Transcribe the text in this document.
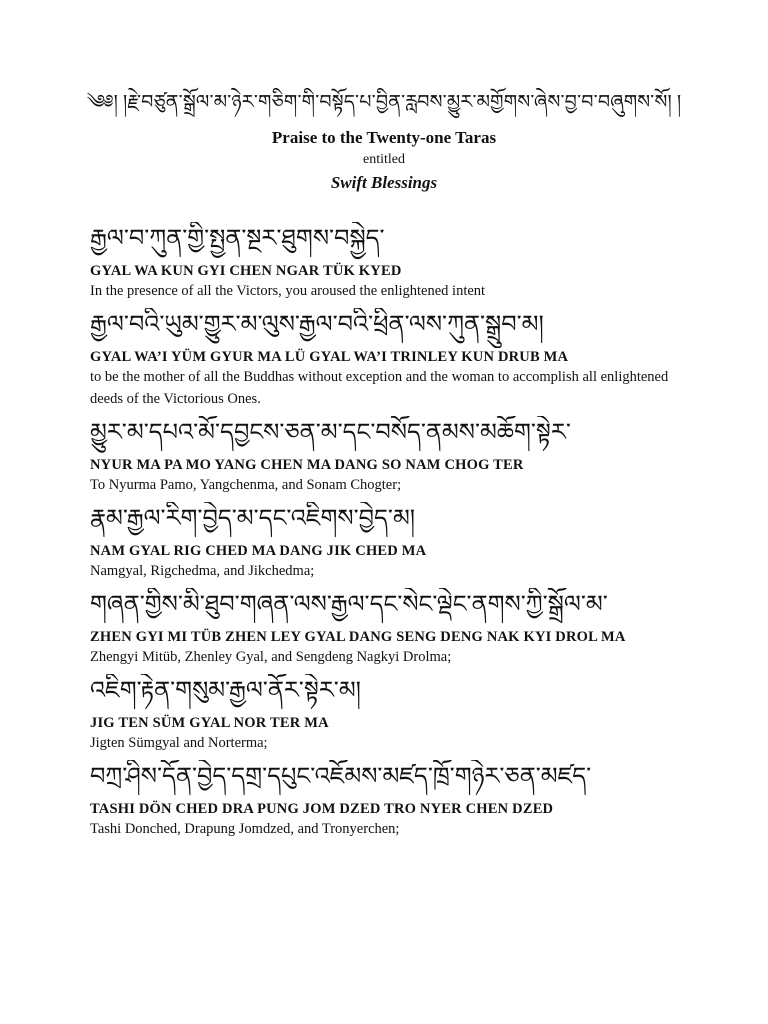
༄༅། །རྗེ་བཙུན་སྒྲོལ་མ་ཉེར་གཅིག་གི་བསྟོད་པ་བྱིན་རླབས་མྱུར་མགྱོགས་ཞེས་བྱ་བ་བཞུགས་སོ། །
Praise to the Twenty-one Taras
entitled
Swift Blessings
རྒྱལ་བ་ཀུན་གྱི་སྤྱན་སྔར་ཐུགས་བསྐྱེད་
GYAL WA KUN GYI CHEN NGAR TÜK KYED
In the presence of all the Victors, you aroused the enlightened intent
རྒྱལ་བའི་ཡུམ་གྱུར་མ་ལུས་རྒྱལ་བའི་ཕྲིན་ལས་ཀུན་སྒྲུབ་མ།
GYAL WA’I YÜM GYUR MA LÜ GYAL WA’I TRINLEY KUN DRUB MA
to be the mother of all the Buddhas without exception and the woman to accomplish all enlightened deeds of the Victorious Ones.
མྱུར་མ་དཔའ་མོ་དབྱངས་ཅན་མ་དང་བསོད་ནམས་མཆོག་སྟེར་
NYUR MA PA MO YANG CHEN MA DANG SO NAM CHOG TER
To Nyurma Pamo, Yangchenma, and Sonam Chogter;
རྣམ་རྒྱལ་རིག་བྱེད་མ་དང་འཇིགས་བྱེད་མ།
NAM GYAL RIG CHED MA DANG JIK CHED MA
Namgyal, Rigchedma, and Jikchedma;
གཞན་གྱིས་མི་ཐུབ་གཞན་ལས་རྒྱལ་དང་སེང་ལྡེང་ནགས་ཀྱི་སྒྲོལ་མ་
ZHEN GYI MI TÜB ZHEN LEY GYAL DANG SENG DENG NAK KYI DROL MA
Zhengyi Mitüb, Zhenley Gyal, and Sengdeng Nagkyi Drolma;
འཇིག་རྟེན་གསུམ་རྒྱལ་ནོར་སྟེར་མ།
JIG TEN SÜM GYAL NOR TER MA
Jigten Sümgyal and Norterma;
བཀྲ་ཤིས་དོན་བྱེད་དགྲ་དཔུང་འཇོམས་མཛད་ཁྲོ་གཉེར་ཅན་མཛད་
TASHI DÖN CHED DRA PUNG JOM DZED TRO NYER CHEN DZED
Tashi Donched, Drapung Jomdzed, and Tronyerchen;
